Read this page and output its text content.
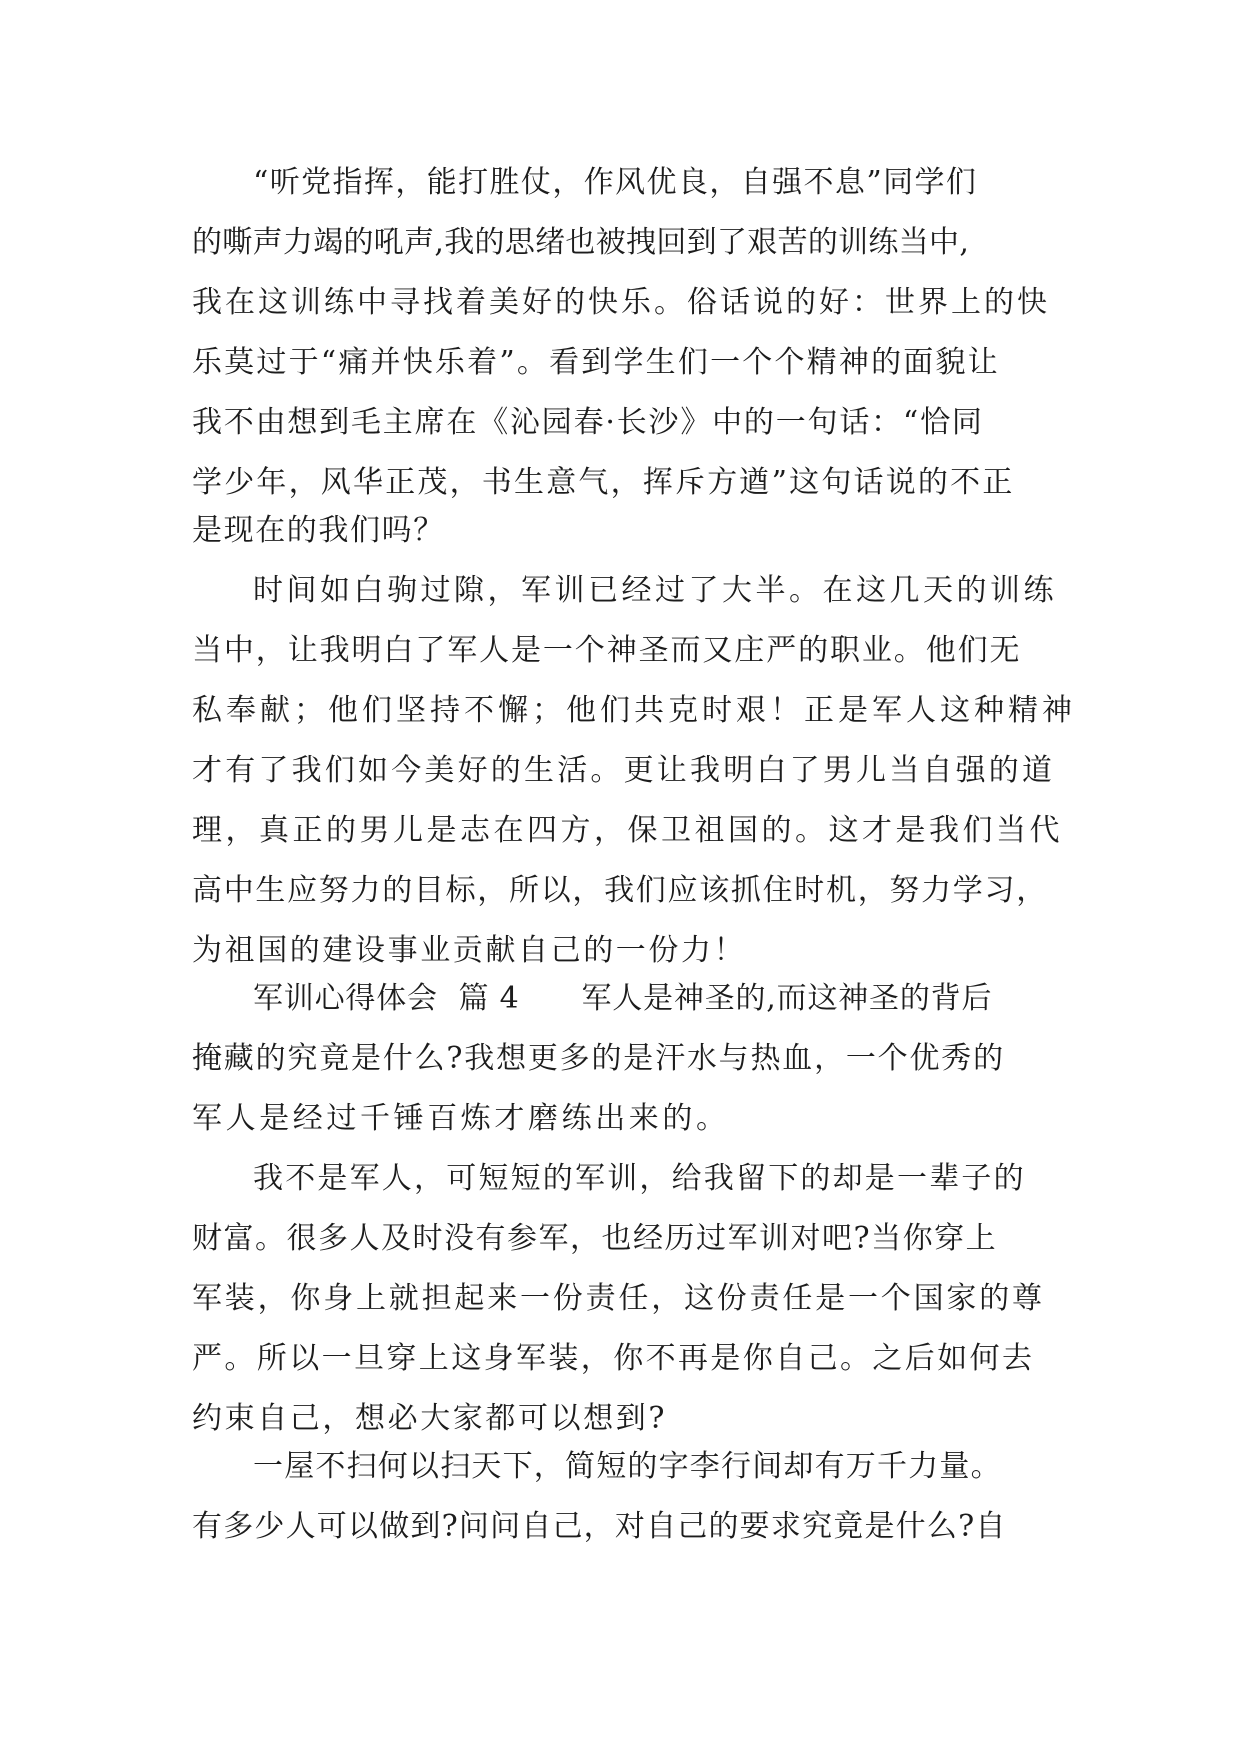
“听党指挥，能打胜仗，作风优良，自强不息”同学们
的嘶声力竭的吼声,我的思绪也被拽回到了艰苦的训练当中,
我在这训练中寻找着美好的快乐。俗话说的好：世界上的快
乐莫过于“痛并快乐着”。看到学生们一个个精神的面貌让
我不由想到毛主席在《沁园春·长沙》中的一句话：“恰同
学少年，风华正茂，书生意气，挥斥方遒”这句话说的不正
是现在的我们吗？
时间如白驹过隙，军训已经过了大半。在这几天的训练
当中，让我明白了军人是一个神圣而又庄严的职业。他们无
私奉献；他们坚持不懈；他们共克时艰！正是军人这种精神
才有了我们如今美好的生活。更让我明白了男儿当自强的道
理，真正的男儿是志在四方，保卫祖国的。这才是我们当代
高中生应努力的目标，所以，我们应该抓住时机，努力学习，
为祖国的建设事业贡献自己的一份力！
军训心得体会  篇 4      军人是神圣的,而这神圣的背后
掩藏的究竟是什么?我想更多的是汗水与热血，一个优秀的
军人是经过千锤百炼才磨练出来的。
我不是军人，可短短的军训，给我留下的却是一辈子的
财富。很多人及时没有参军，也经历过军训对吧?当你穿上
军装，你身上就担起来一份责任，这份责任是一个国家的尊
严。所以一旦穿上这身军装，你不再是你自己。之后如何去
约束自己，想必大家都可以想到?
一屋不扫何以扫天下，简短的字李行间却有万千力量。
有多少人可以做到?问问自己，对自己的要求究竟是什么?自
